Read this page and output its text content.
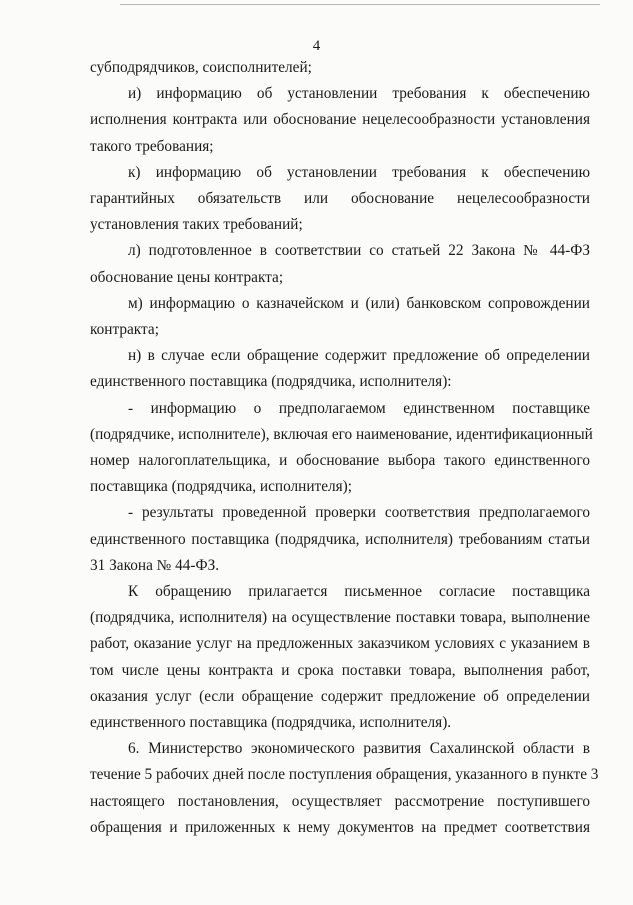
4
субподрядчиков, соисполнителей;
и) информацию об установлении требования к обеспечению
исполнения контракта или обоснование нецелесообразности установления
такого требования;
к) информацию об установлении требования к обеспечению
гарантийных обязательств или обоснование нецелесообразности
установления таких требований;
л) подготовленное в соответствии со статьей 22 Закона № 44-ФЗ
обоснование цены контракта;
м) информацию о казначейском и (или) банковском сопровождении
контракта;
н) в случае если обращение содержит предложение об определении
единственного поставщика (подрядчика, исполнителя):
- информацию о предполагаемом единственном поставщике
(подрядчике, исполнителе), включая его наименование, идентификационный
номер налогоплательщика, и обоснование выбора такого единственного
поставщика (подрядчика, исполнителя);
- результаты проведенной проверки соответствия предполагаемого
единственного поставщика (подрядчика, исполнителя) требованиям статьи
31 Закона № 44-ФЗ.
К обращению прилагается письменное согласие поставщика
(подрядчика, исполнителя) на осуществление поставки товара, выполнение
работ, оказание услуг на предложенных заказчиком условиях с указанием в
том числе цены контракта и срока поставки товара, выполнения работ,
оказания услуг (если обращение содержит предложение об определении
единственного поставщика (подрядчика, исполнителя).
6. Министерство экономического развития Сахалинской области в
течение 5 рабочих дней после поступления обращения, указанного в пункте 3
настоящего постановления, осуществляет рассмотрение поступившего
обращения и приложенных к нему документов на предмет соответствия
